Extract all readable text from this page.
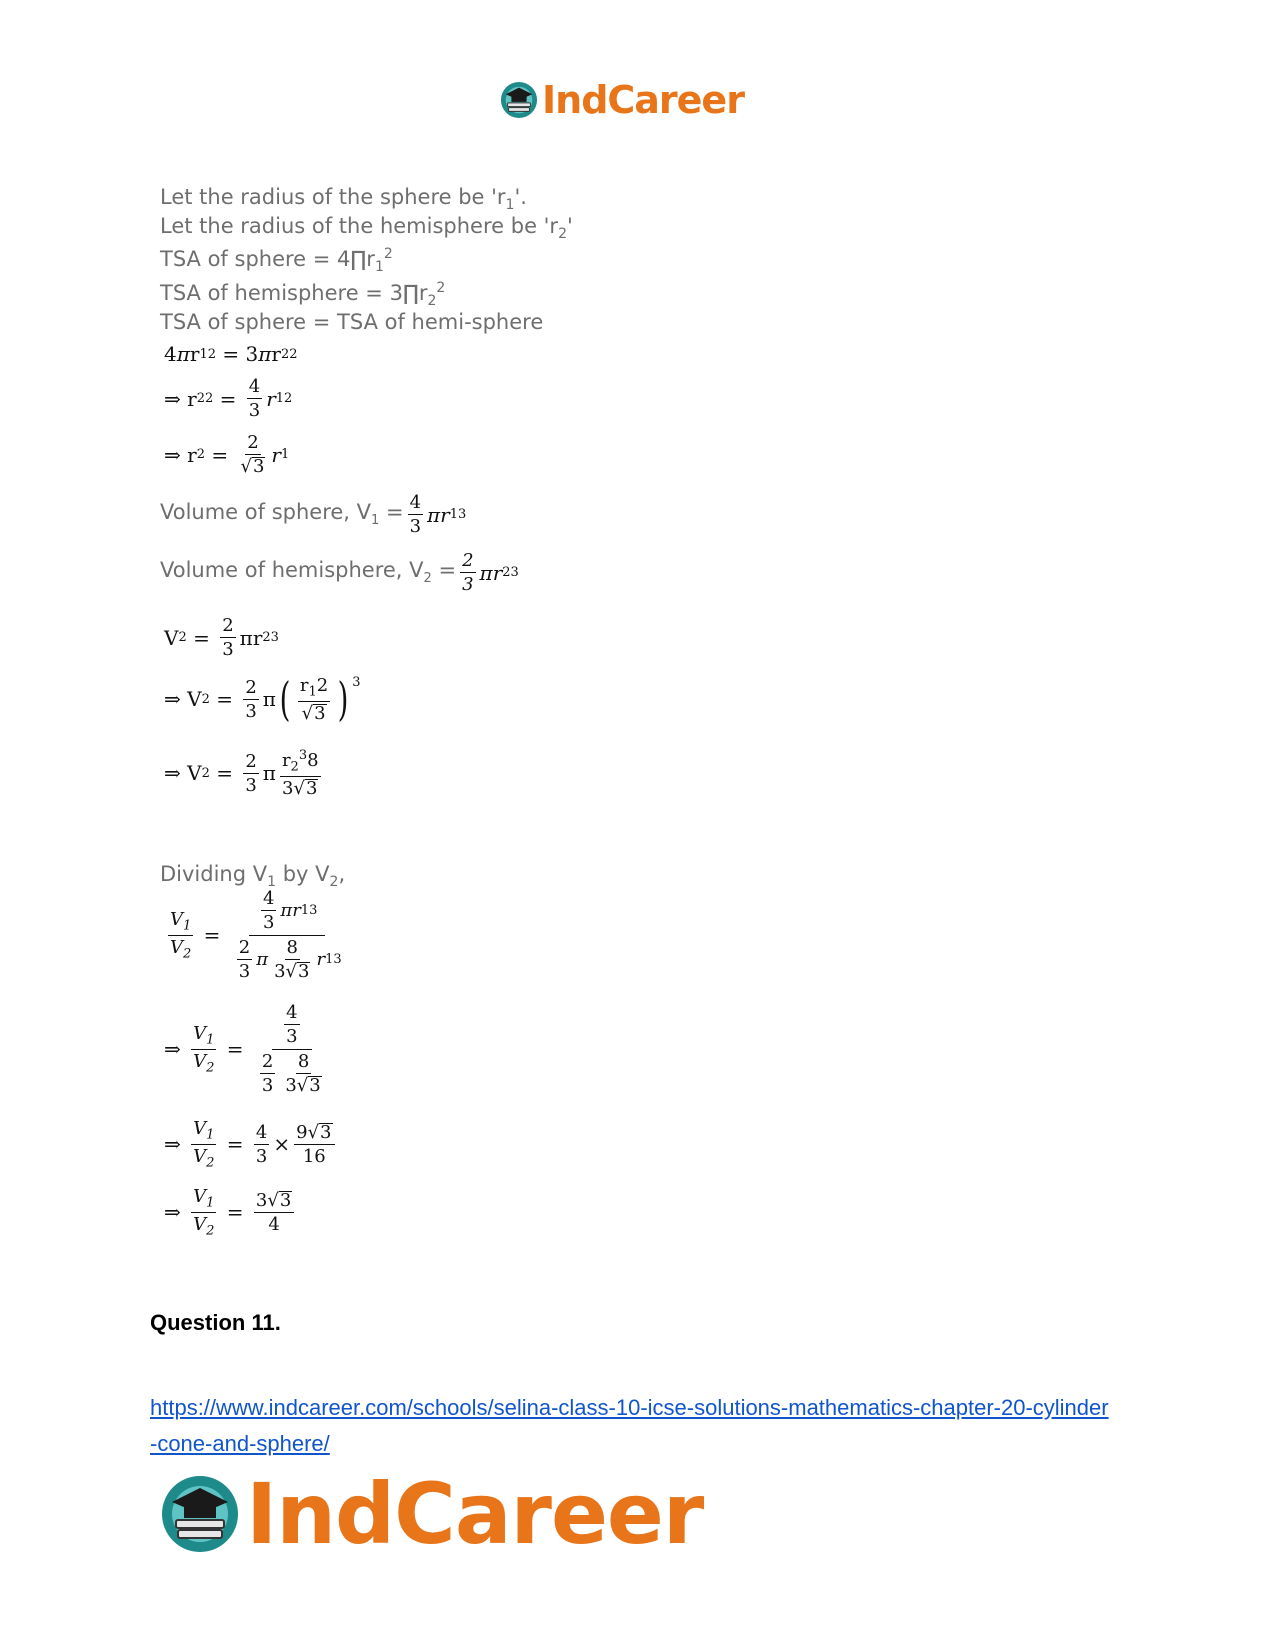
IndCareer
Let the radius of the sphere be '$r_1$'.
Let the radius of the hemisphere be '$r_2$'
TSA of sphere = $4\prod r_1^2$
TSA of hemisphere = $3\prod r_2^2$
TSA of sphere = TSA of hemi-sphere
4 π r 1 2 = 3 π r 2 2
⇒ r 2 $2 = \frac{4}{3}$ r 1 2
⇒ r $2 = \frac{2}{√ 3}$ r 1
Volume of sphere, $V_1 = \frac{4}{3}$ πr 1 3
Volume of hemisphere, $V_2 = \frac{2}{3}$ πr 2 3
V $2 = \frac{2}{3}$ πr 2 3
⇒ V $2 = \frac{2}{3}$ π ( $\frac{r_12}{√ 3}$ ) $^3$
⇒ V $2 = \frac{2}{3}$ π $\frac{r_2^38}{3 √ 3}$
Dividing $V_1$ by $V_2$,
$\frac{V_1}{V_2} = \frac{\frac{4}{3} \pi r 1 3}{\frac{2}{3} \pi \frac{8}{3 √ 3} r 1 3}$
⇒ $\frac{V_1}{V_2} = \frac{\frac{4}{3}}{\frac{2}{3} \frac{8}{3 √ 3}}$
⇒ $\frac{V_1}{V_2} = \frac{4}{3} \times \frac{9 √ 3}{16}$
⇒ $\frac{V_1}{V_2} = \frac{3 √ 3}{4}$
Question 11.
https://www.indcareer.com/schools/selina-class-10-icse-solutions-mathematics-chapter-20-cylinder-cone-and-sphere/
IndCareer
